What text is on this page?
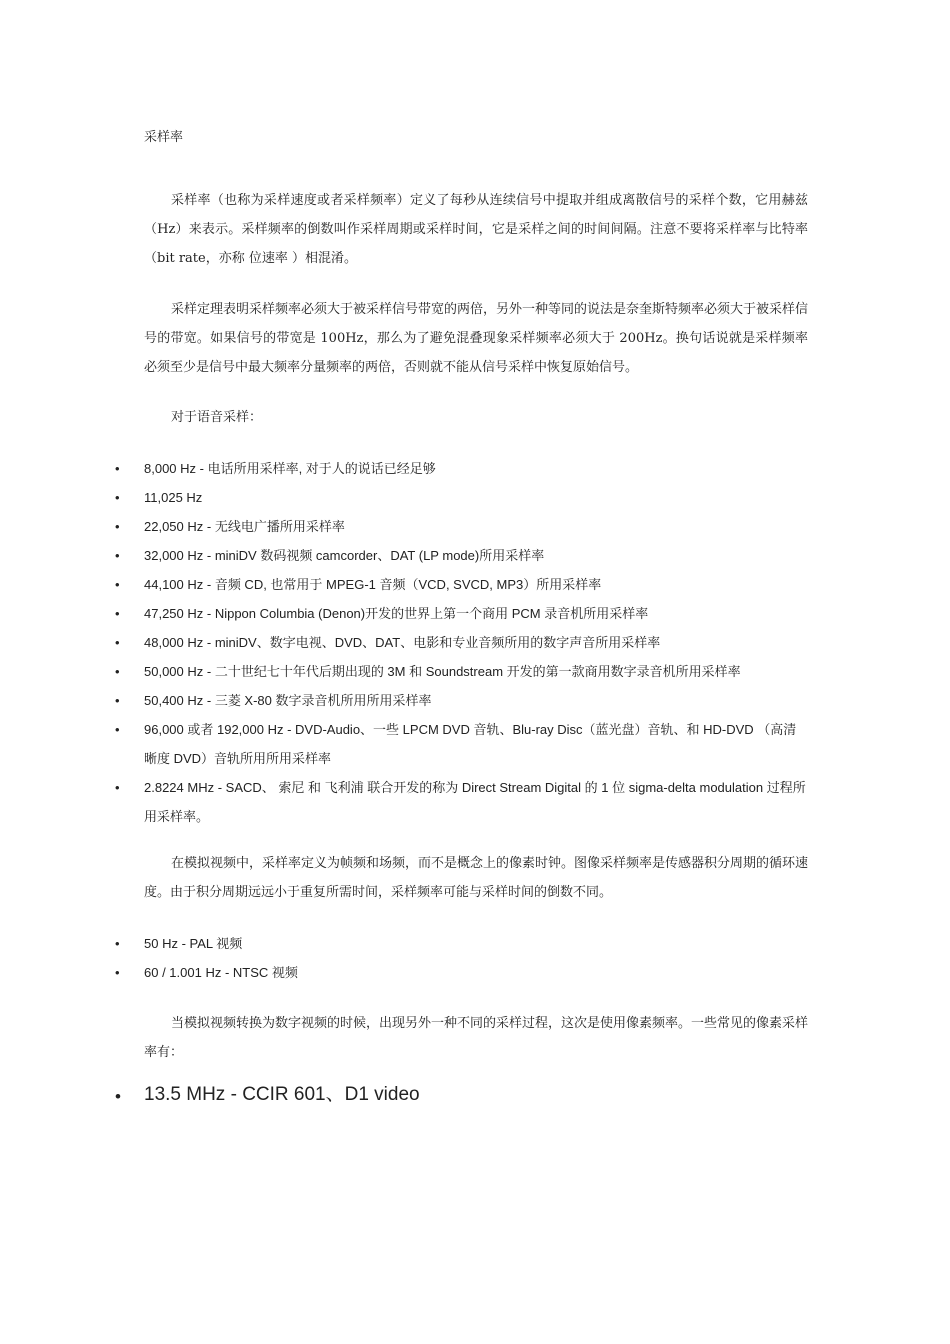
采样率

采样率（也称为采样速度或者采样频率）定义了每秒从连续信号中提取并组成离散信号的采样个数，它用赫兹（Hz）来表示。采样频率的倒数叫作采样周期或采样时间，它是采样之间的时间间隔。注意不要将采样率与比特率（bit rate，亦称 位速率 ）相混淆。

采样定理表明采样频率必须大于被采样信号带宽的两倍，另外一种等同的说法是奈奎斯特频率必须大于被采样信号的带宽。如果信号的带宽是 100Hz，那么为了避免混叠现象采样频率必须大于 200Hz。换句话说就是采样频率必须至少是信号中最大频率分量频率的两倍，否则就不能从信号采样中恢复原始信号。

对于语音采样：

• 8,000 Hz - 电话所用采样率, 对于人的说话已经足够
• 11,025 Hz
• 22,050 Hz - 无线电广播所用采样率
• 32,000 Hz - miniDV 数码视频 camcorder、DAT (LP mode)所用采样率
• 44,100 Hz - 音频 CD, 也常用于 MPEG-1 音频（VCD, SVCD, MP3）所用采样率
• 47,250 Hz - Nippon Columbia (Denon)开发的世界上第一个商用 PCM 录音机所用采样率
• 48,000 Hz - miniDV、数字电视、DVD、DAT、电影和专业音频所用的数字声音所用采样率
• 50,000 Hz - 二十世纪七十年代后期出现的 3M 和 Soundstream 开发的第一款商用数字录音机所用采样率
• 50,400 Hz - 三菱 X-80 数字录音机所用所用采样率
• 96,000 或者 192,000 Hz - DVD-Audio、一些 LPCM DVD 音轨、Blu-ray Disc（蓝光盘）音轨、和 HD-DVD （高清晰度 DVD）音轨所用所用采样率
• 2.8224 MHz - SACD、 索尼 和 飞利浦 联合开发的称为 Direct Stream Digital 的 1 位 sigma-delta modulation 过程所用采样率。

在模拟视频中，采样率定义为帧频和场频，而不是概念上的像素时钟。图像采样频率是传感器积分周期的循环速度。由于积分周期远远小于重复所需时间，采样频率可能与采样时间的倒数不同。

• 50 Hz - PAL 视频
• 60 / 1.001 Hz - NTSC 视频

当模拟视频转换为数字视频的时候，出现另外一种不同的采样过程，这次是使用像素频率。一些常见的像素采样率有：

• 13.5 MHz - CCIR 601、D1 video
